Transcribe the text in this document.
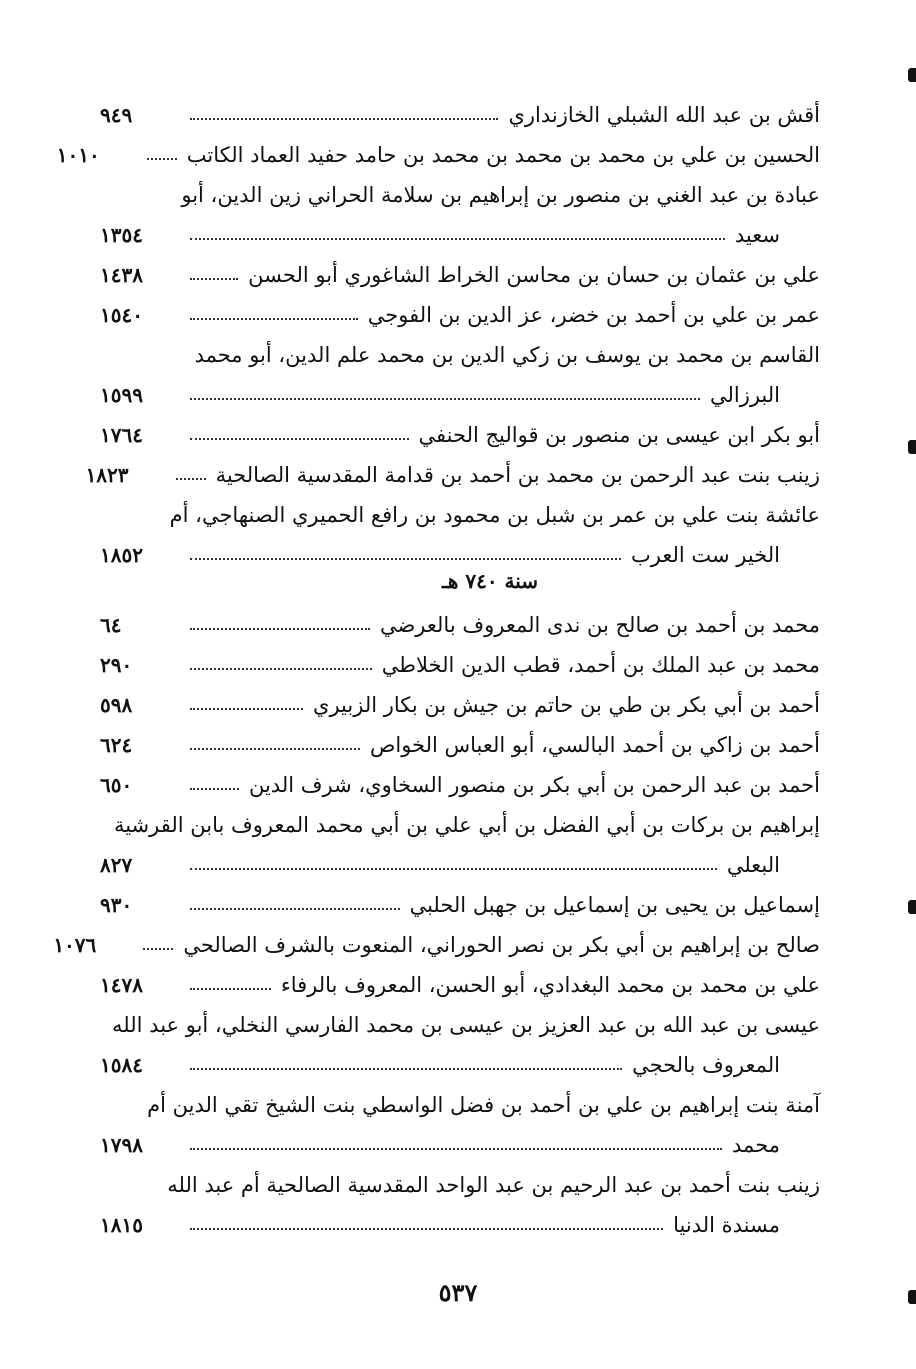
أقش بن عبد الله الشبلي الخازنداري
٩٤٩
الحسين بن علي بن محمد بن محمد بن محمد بن حامد حفيد العماد الكاتب
١٠١٠
عبادة بن عبد الغني بن منصور بن إبراهيم بن سلامة الحراني زين الدين، أبو
سعيد
١٣٥٤
علي بن عثمان بن حسان بن محاسن الخراط الشاغوري أبو الحسن
١٤٣٨
عمر بن علي بن أحمد بن خضر، عز الدين بن الفوجي
١٥٤٠
القاسم بن محمد بن يوسف بن زكي الدين بن محمد علم الدين، أبو محمد
البرزالي
١٥٩٩
أبو بكر ابن عيسى بن منصور بن قواليج الحنفي
١٧٦٤
زينب بنت عبد الرحمن بن محمد بن أحمد بن قدامة المقدسية الصالحية
١٨٢٣
عائشة بنت علي بن عمر بن شبل بن محمود بن رافع الحميري الصنهاجي، أم
الخير ست العرب
١٨٥٢
سنة ٧٤٠ هـ
محمد بن أحمد بن صالح بن ندى المعروف بالعرضي
٦٤
محمد بن عبد الملك بن أحمد، قطب الدين الخلاطي
٢٩٠
أحمد بن أبي بكر بن طي بن حاتم بن جيش بن بكار الزبيري
٥٩٨
أحمد بن زاكي بن أحمد البالسي، أبو العباس الخواص
٦٢٤
أحمد بن عبد الرحمن بن أبي بكر بن منصور السخاوي، شرف الدين
٦٥٠
إبراهيم بن بركات بن أبي الفضل بن أبي علي بن أبي محمد المعروف بابن القرشية
البعلي
٨٢٧
إسماعيل بن يحيى بن إسماعيل بن جهبل الحلبي
٩٣٠
صالح بن إبراهيم بن أبي بكر بن نصر الحوراني، المنعوت بالشرف الصالحي
١٠٧٦
علي بن محمد بن محمد البغدادي، أبو الحسن، المعروف بالرفاء
١٤٧٨
عيسى بن عبد الله بن عبد العزيز بن عيسى بن محمد الفارسي النخلي، أبو عبد الله
المعروف بالحجي
١٥٨٤
آمنة بنت إبراهيم بن علي بن أحمد بن فضل الواسطي بنت الشيخ تقي الدين أم
محمد
١٧٩٨
زينب بنت أحمد بن عبد الرحيم بن عبد الواحد المقدسية الصالحية أم عبد الله
مسندة الدنيا
١٨١٥
٥٣٧
